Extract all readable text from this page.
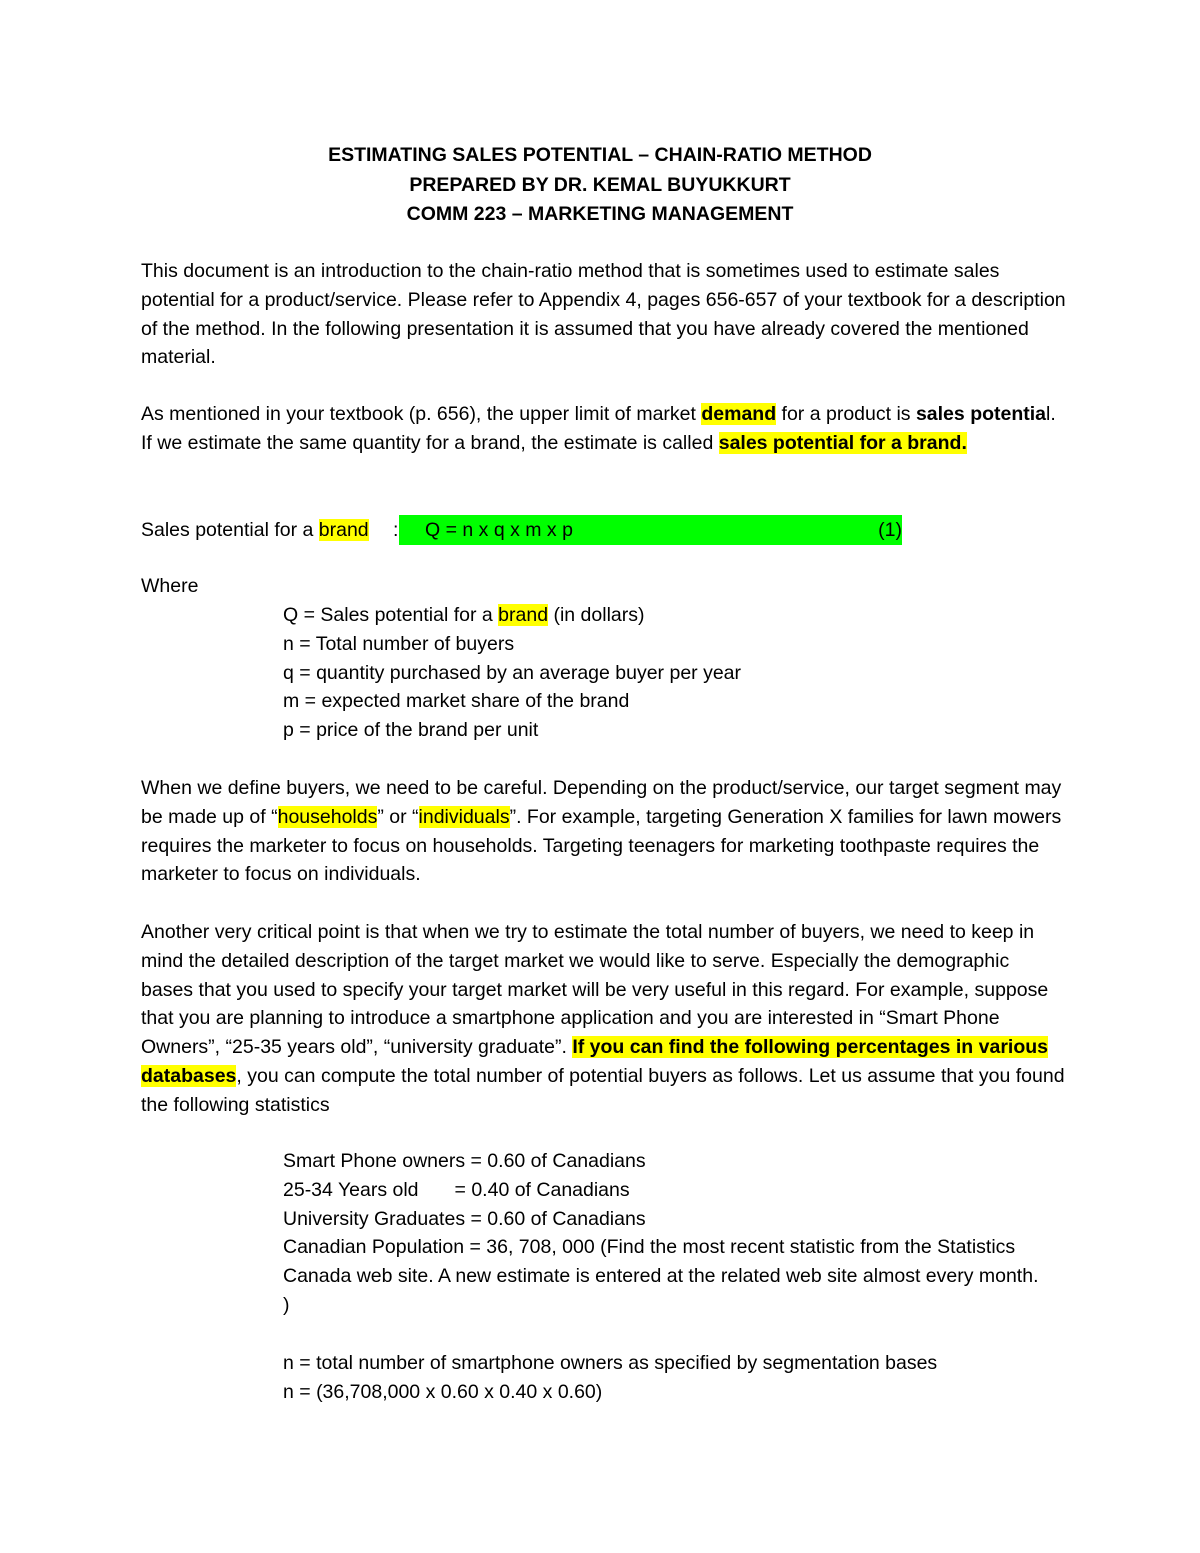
ESTIMATING SALES POTENTIAL – CHAIN-RATIO METHOD
PREPARED BY DR. KEMAL BUYUKKURT
COMM 223 – MARKETING MANAGEMENT
This document is an introduction to the chain-ratio method that is sometimes used to estimate sales potential for a product/service. Please refer to Appendix 4, pages 656-657 of your textbook for a description of the method. In the following presentation it is assumed that you have already covered the mentioned material.
As mentioned in your textbook (p. 656), the upper limit of market demand for a product is sales potential. If we estimate the same quantity for a brand, the estimate is called sales potential for a brand.
Sales potential for a brand : Q = n x q x m x p	(1)
Where
Q = Sales potential for a brand (in dollars)
n = Total number of buyers
q = quantity purchased by an average buyer per year
m = expected market share of the brand
p = price of the brand per unit
When we define buyers, we need to be careful. Depending on the product/service, our target segment may be made up of “households” or “individuals”. For example, targeting Generation X families for lawn mowers requires the marketer to focus on households. Targeting teenagers for marketing toothpaste requires the marketer to focus on individuals.
Another very critical point is that when we try to estimate the total number of buyers, we need to keep in mind the detailed description of the target market we would like to serve. Especially the demographic bases that you used to specify your target market will be very useful in this regard. For example, suppose that you are planning to introduce a smartphone application and you are interested in “Smart Phone Owners”, “25-35 years old”, “university graduate”. If you can find the following percentages in various databases, you can compute the total number of potential buyers as follows. Let us assume that you found the following statistics
Smart Phone owners = 0.60 of Canadians
25-34 Years old = 0.40 of Canadians
University Graduates = 0.60 of Canadians
Canadian Population = 36, 708, 000 (Find the most recent statistic from the Statistics Canada web site. A new estimate is entered at the related web site almost every month. )
n = total number of smartphone owners as specified by segmentation bases
n = (36,708,000 x 0.60 x 0.40 x 0.60)
